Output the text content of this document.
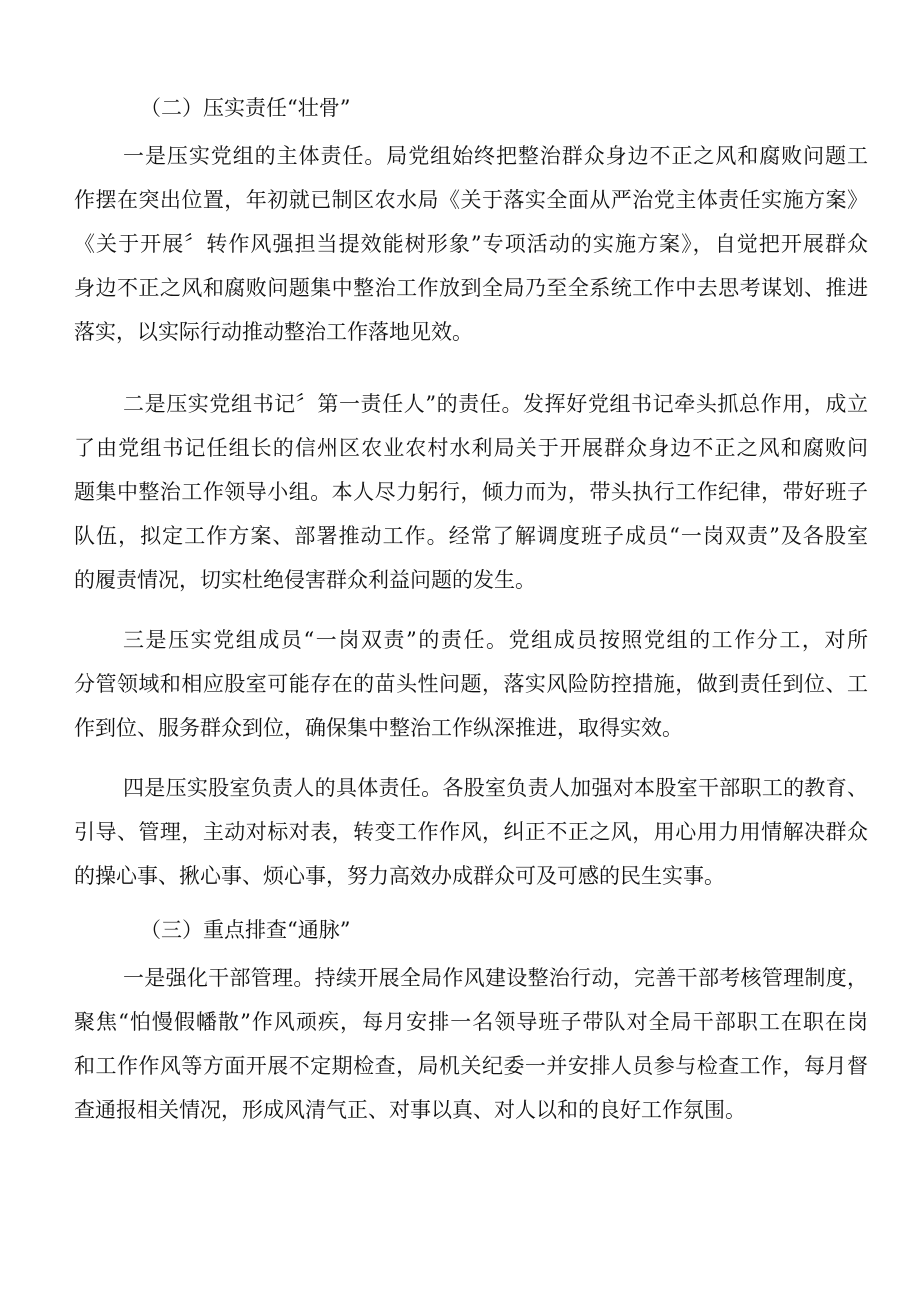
（二）压实责任“壮骨”

一是压实党组的主体责任。局党组始终把整治群众身边不正之风和腐败问题工
作摆在突出位置，年初就已制区农水局《关于落实全面从严治党主体责任实施方案》
《关于开展〞转作风强担当提效能树形象”专项活动的实施方案》，自觉把开展群众
身边不正之风和腐败问题集中整治工作放到全局乃至全系统工作中去思考谋划、推进
落实，以实际行动推动整治工作落地见效。

二是压实党组书记〞第一责任人”的责任。发挥好党组书记牵头抓总作用，成立
了由党组书记任组长的信州区农业农村水利局关于开展群众身边不正之风和腐败问
题集中整治工作领导小组。本人尽力躬行，倾力而为，带头执行工作纪律，带好班子
队伍，拟定工作方案、部署推动工作。经常了解调度班子成员“一岗双责”及各股室
的履责情况，切实杜绝侵害群众利益问题的发生。

三是压实党组成员“一岗双责”的责任。党组成员按照党组的工作分工，对所
分管领域和相应股室可能存在的苗头性问题，落实风险防控措施，做到责任到位、工
作到位、服务群众到位，确保集中整治工作纵深推进，取得实效。

四是压实股室负责人的具体责任。各股室负责人加强对本股室干部职工的教育、
引导、管理，主动对标对表，转变工作作风，纠正不正之风，用心用力用情解决群众
的操心事、揪心事、烦心事，努力高效办成群众可及可感的民生实事。

（三）重点排查“通脉”

一是强化干部管理。持续开展全局作风建设整治行动，完善干部考核管理制度，
聚焦“怕慢假幡散”作风顽疾，每月安排一名领导班子带队对全局干部职工在职在岗
和工作作风等方面开展不定期检查，局机关纪委一并安排人员参与检查工作，每月督
查通报相关情况，形成风清气正、对事以真、对人以和的良好工作氛围。
